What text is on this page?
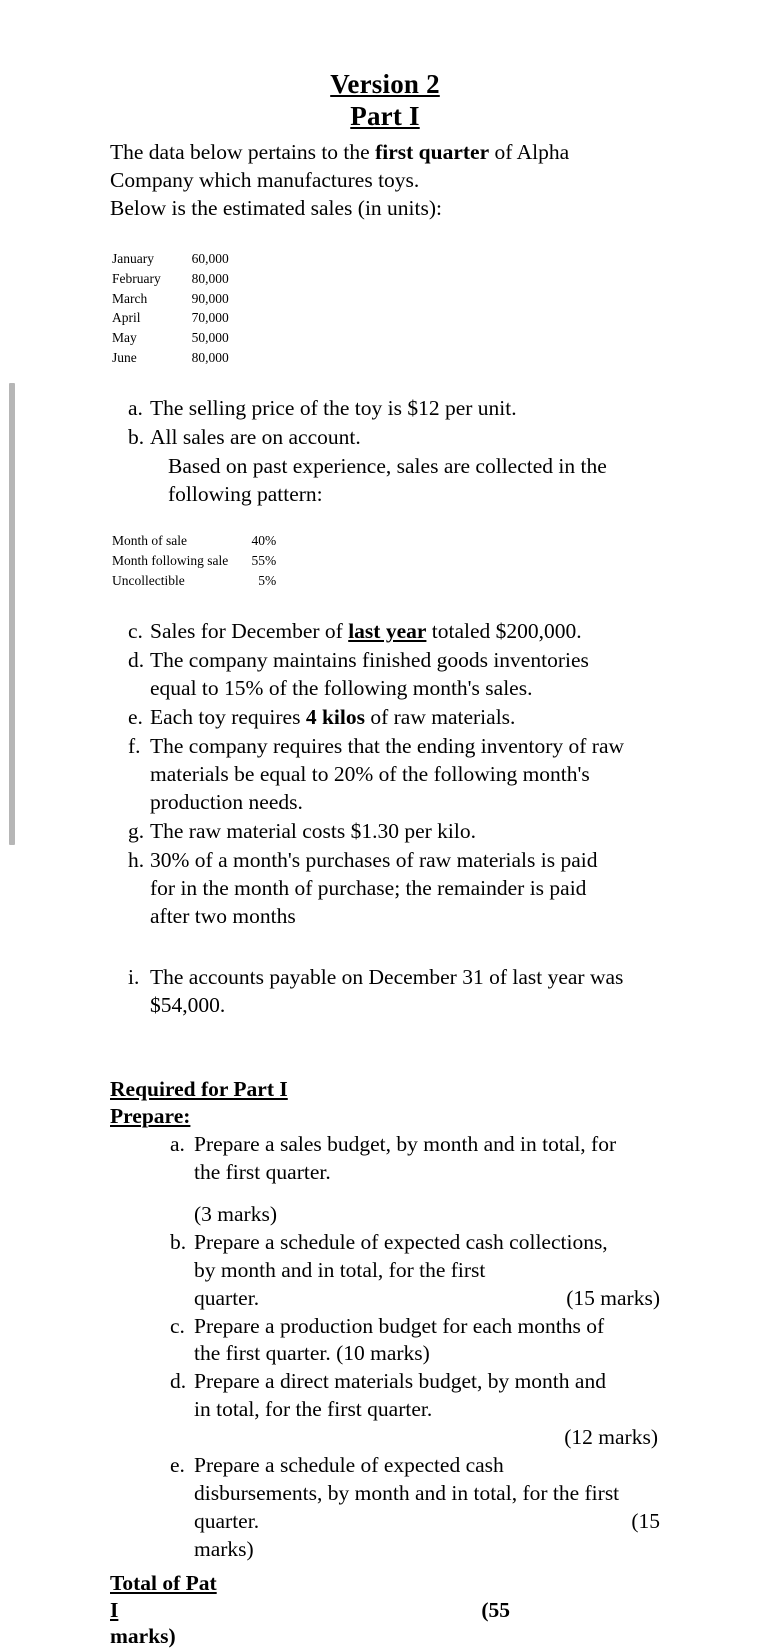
Version 2
Part I
The data below pertains to the first quarter of Alpha
Company which manufactures toys.
Below is the estimated sales (in units):
January	60,000
February	80,000
March	90,000
April	70,000
May	50,000
June	80,000
a. The selling price of the toy is $12 per unit.
b. All sales are on account.
Based on past experience, sales are collected in the
following pattern:
Month of sale	40%
Month following sale	55%
Uncollectible	5%
c. Sales for December of last year totaled $200,000.
d. The company maintains finished goods inventories
equal to 15% of the following month's sales.
e. Each toy requires 4 kilos of raw materials.
f. The company requires that the ending inventory of raw
materials be equal to 20% of the following month's
production needs.
g. The raw material costs $1.30 per kilo.
h. 30% of a month's purchases of raw materials is paid
for in the month of purchase; the remainder is paid
after two months
i. The accounts payable on December 31 of last year was
$54,000.
Required for Part I
Prepare:
a. Prepare a sales budget, by month and in total, for
the first quarter.
(3 marks)
b. Prepare a schedule of expected cash collections,
by month and in total, for the first
quarter.	(15 marks)
c. Prepare a production budget for each months of
the first quarter. (10 marks)
d. Prepare a direct materials budget, by month and
in total, for the first quarter.
(12 marks)
e. Prepare a schedule of expected cash
disbursements, by month and in total, for the first
quarter.	(15
marks)
Total of Pat
I	(55
marks)
